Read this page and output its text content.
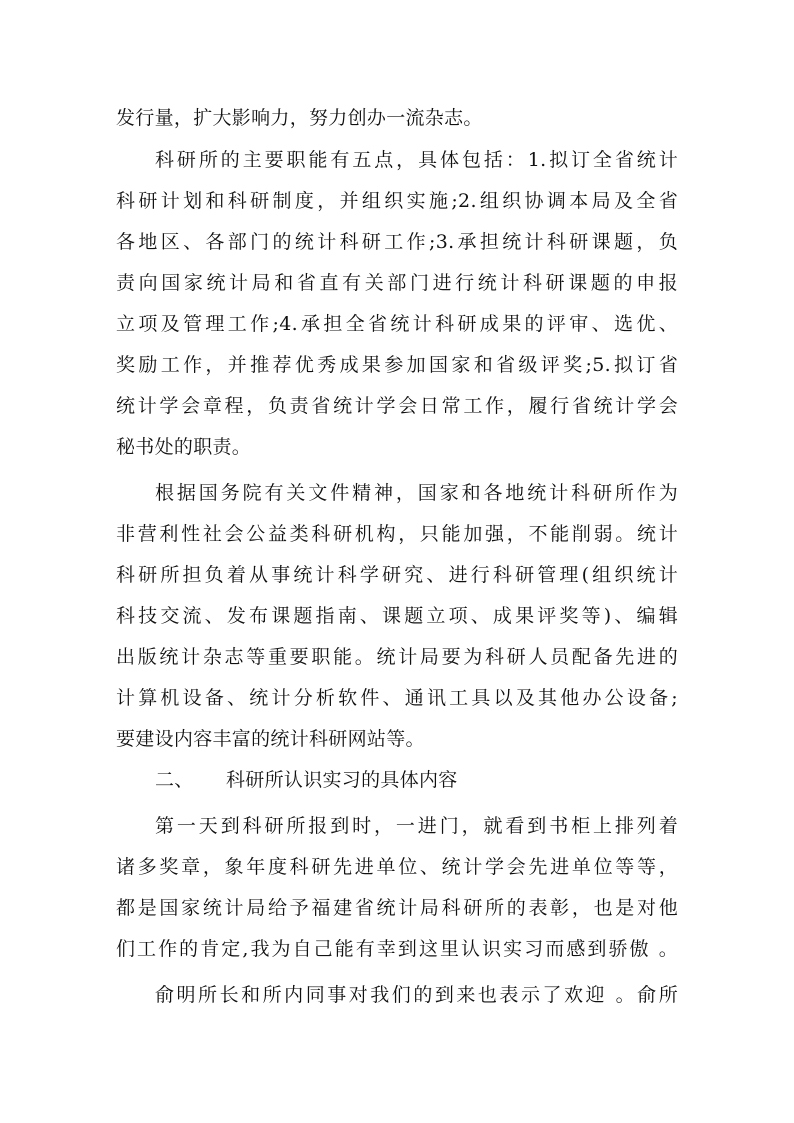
发行量，扩大影响力，努力创办一流杂志。
科研所的主要职能有五点，具体包括：1.拟订全省统计
科研计划和科研制度，并组织实施;2.组织协调本局及全省
各地区、各部门的统计科研工作;3.承担统计科研课题，负
责向国家统计局和省直有关部门进行统计科研课题的申报
立项及管理工作;4.承担全省统计科研成果的评审、选优、
奖励工作，并推荐优秀成果参加国家和省级评奖;5.拟订省
统计学会章程，负责省统计学会日常工作，履行省统计学会
秘书处的职责。
根据国务院有关文件精神，国家和各地统计科研所作为
非营利性社会公益类科研机构，只能加强，不能削弱。统计
科研所担负着从事统计科学研究、进行科研管理(组织统计
科技交流、发布课题指南、课题立项、成果评奖等)、编辑
出版统计杂志等重要职能。统计局要为科研人员配备先进的
计算机设备、统计分析软件、通讯工具以及其他办公设备;
要建设内容丰富的统计科研网站等。
二、 科研所认识实习的具体内容
第一天到科研所报到时，一进门，就看到书柜上排列着
诸多奖章，象年度科研先进单位、统计学会先进单位等等，
都是国家统计局给予福建省统计局科研所的表彰，也是对他
们工作的肯定,我为自己能有幸到这里认识实习而感到骄傲 。
俞明所长和所内同事对我们的到来也表示了欢迎 。俞所
